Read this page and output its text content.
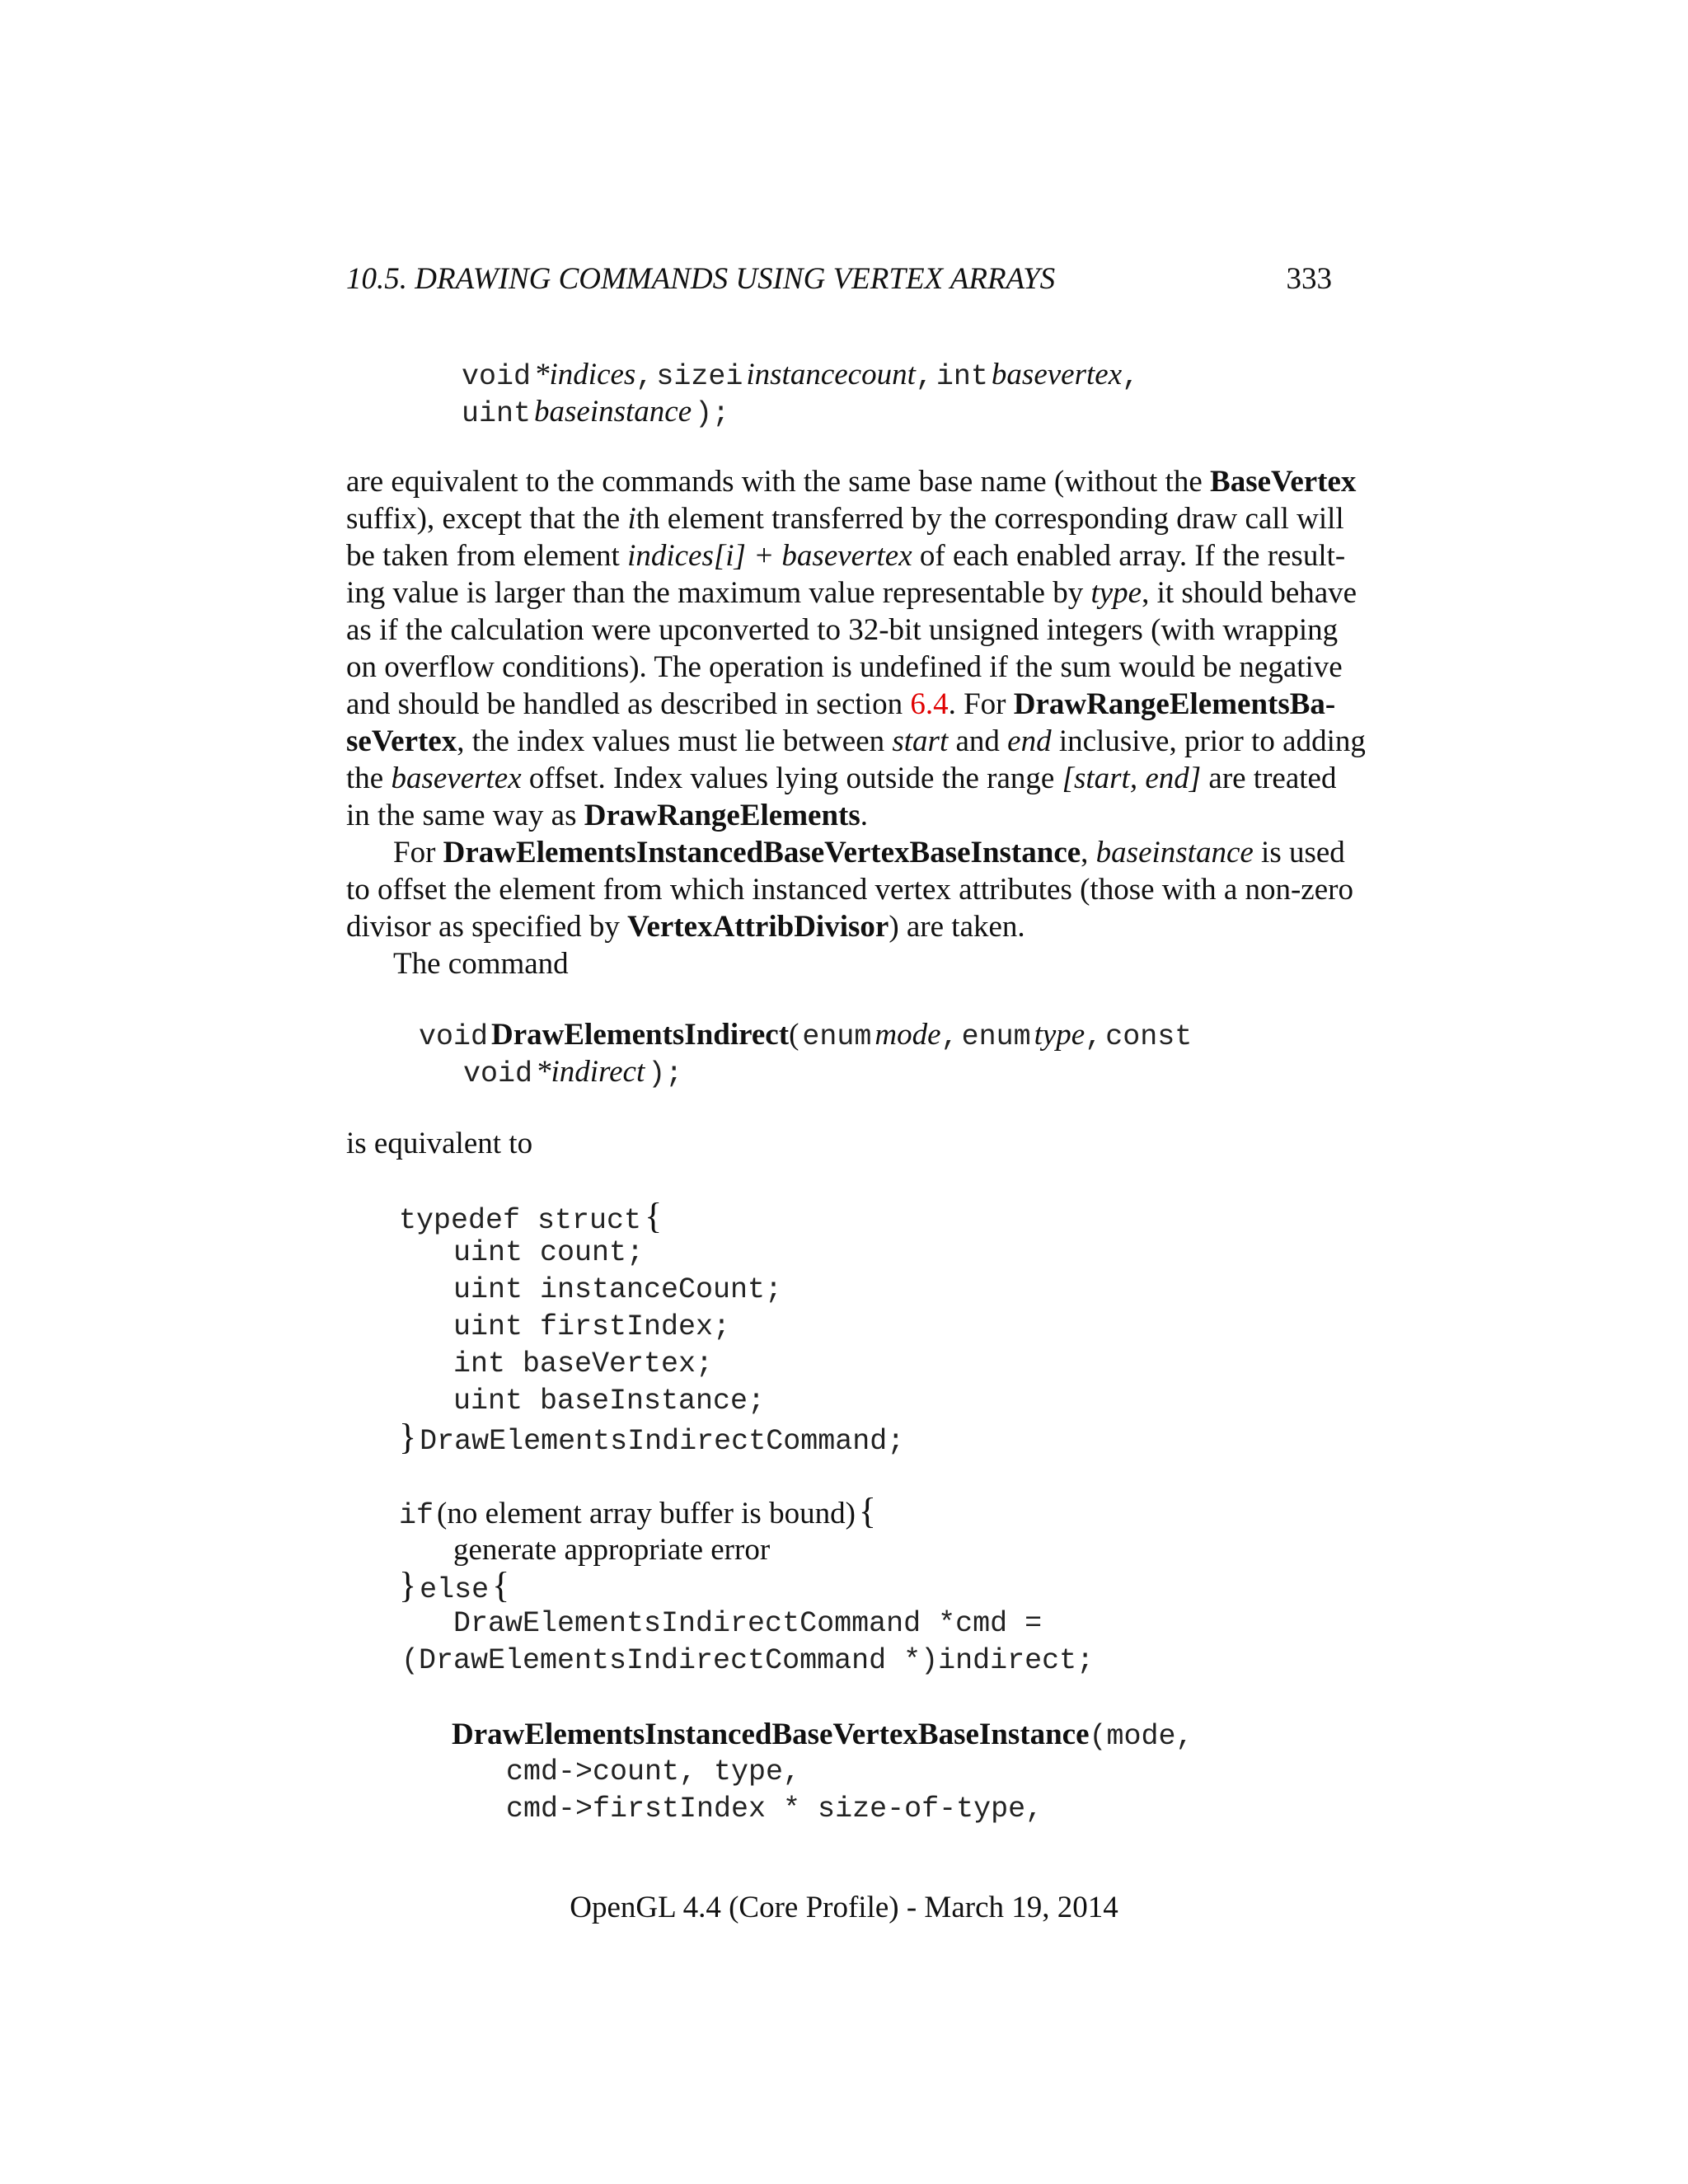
10.5. DRAWING COMMANDS USING VERTEX ARRAYS	333
void *indices, sizei instancecount, int basevertex,
uint baseinstance );
are equivalent to the commands with the same base name (without the BaseVertex
suffix), except that the ith element transferred by the corresponding draw call will
be taken from element indices[i] + basevertex of each enabled array. If the result-
ing value is larger than the maximum value representable by type, it should behave
as if the calculation were upconverted to 32-bit unsigned integers (with wrapping
on overflow conditions). The operation is undefined if the sum would be negative
and should be handled as described in section 6.4. For DrawRangeElementsBa-
seVertex, the index values must lie between start and end inclusive, prior to adding
the basevertex offset. Index values lying outside the range [start, end] are treated
in the same way as DrawRangeElements.
For DrawElementsInstancedBaseVertexBaseInstance, baseinstance is used
to offset the element from which instanced vertex attributes (those with a non-zero
divisor as specified by VertexAttribDivisor) are taken.
The command
void DrawElementsIndirect( enum mode, enum type, const
void *indirect );
is equivalent to
typedef struct {
uint count;
uint instanceCount;
uint firstIndex;
int baseVertex;
uint baseInstance;
} DrawElementsIndirectCommand;
if (no element array buffer is bound) {
generate appropriate error
} else {
DrawElementsIndirectCommand *cmd =
(DrawElementsIndirectCommand *)indirect;
DrawElementsInstancedBaseVertexBaseInstance(mode,
cmd->count, type,
cmd->firstIndex * size-of-type,
OpenGL 4.4 (Core Profile) - March 19, 2014
